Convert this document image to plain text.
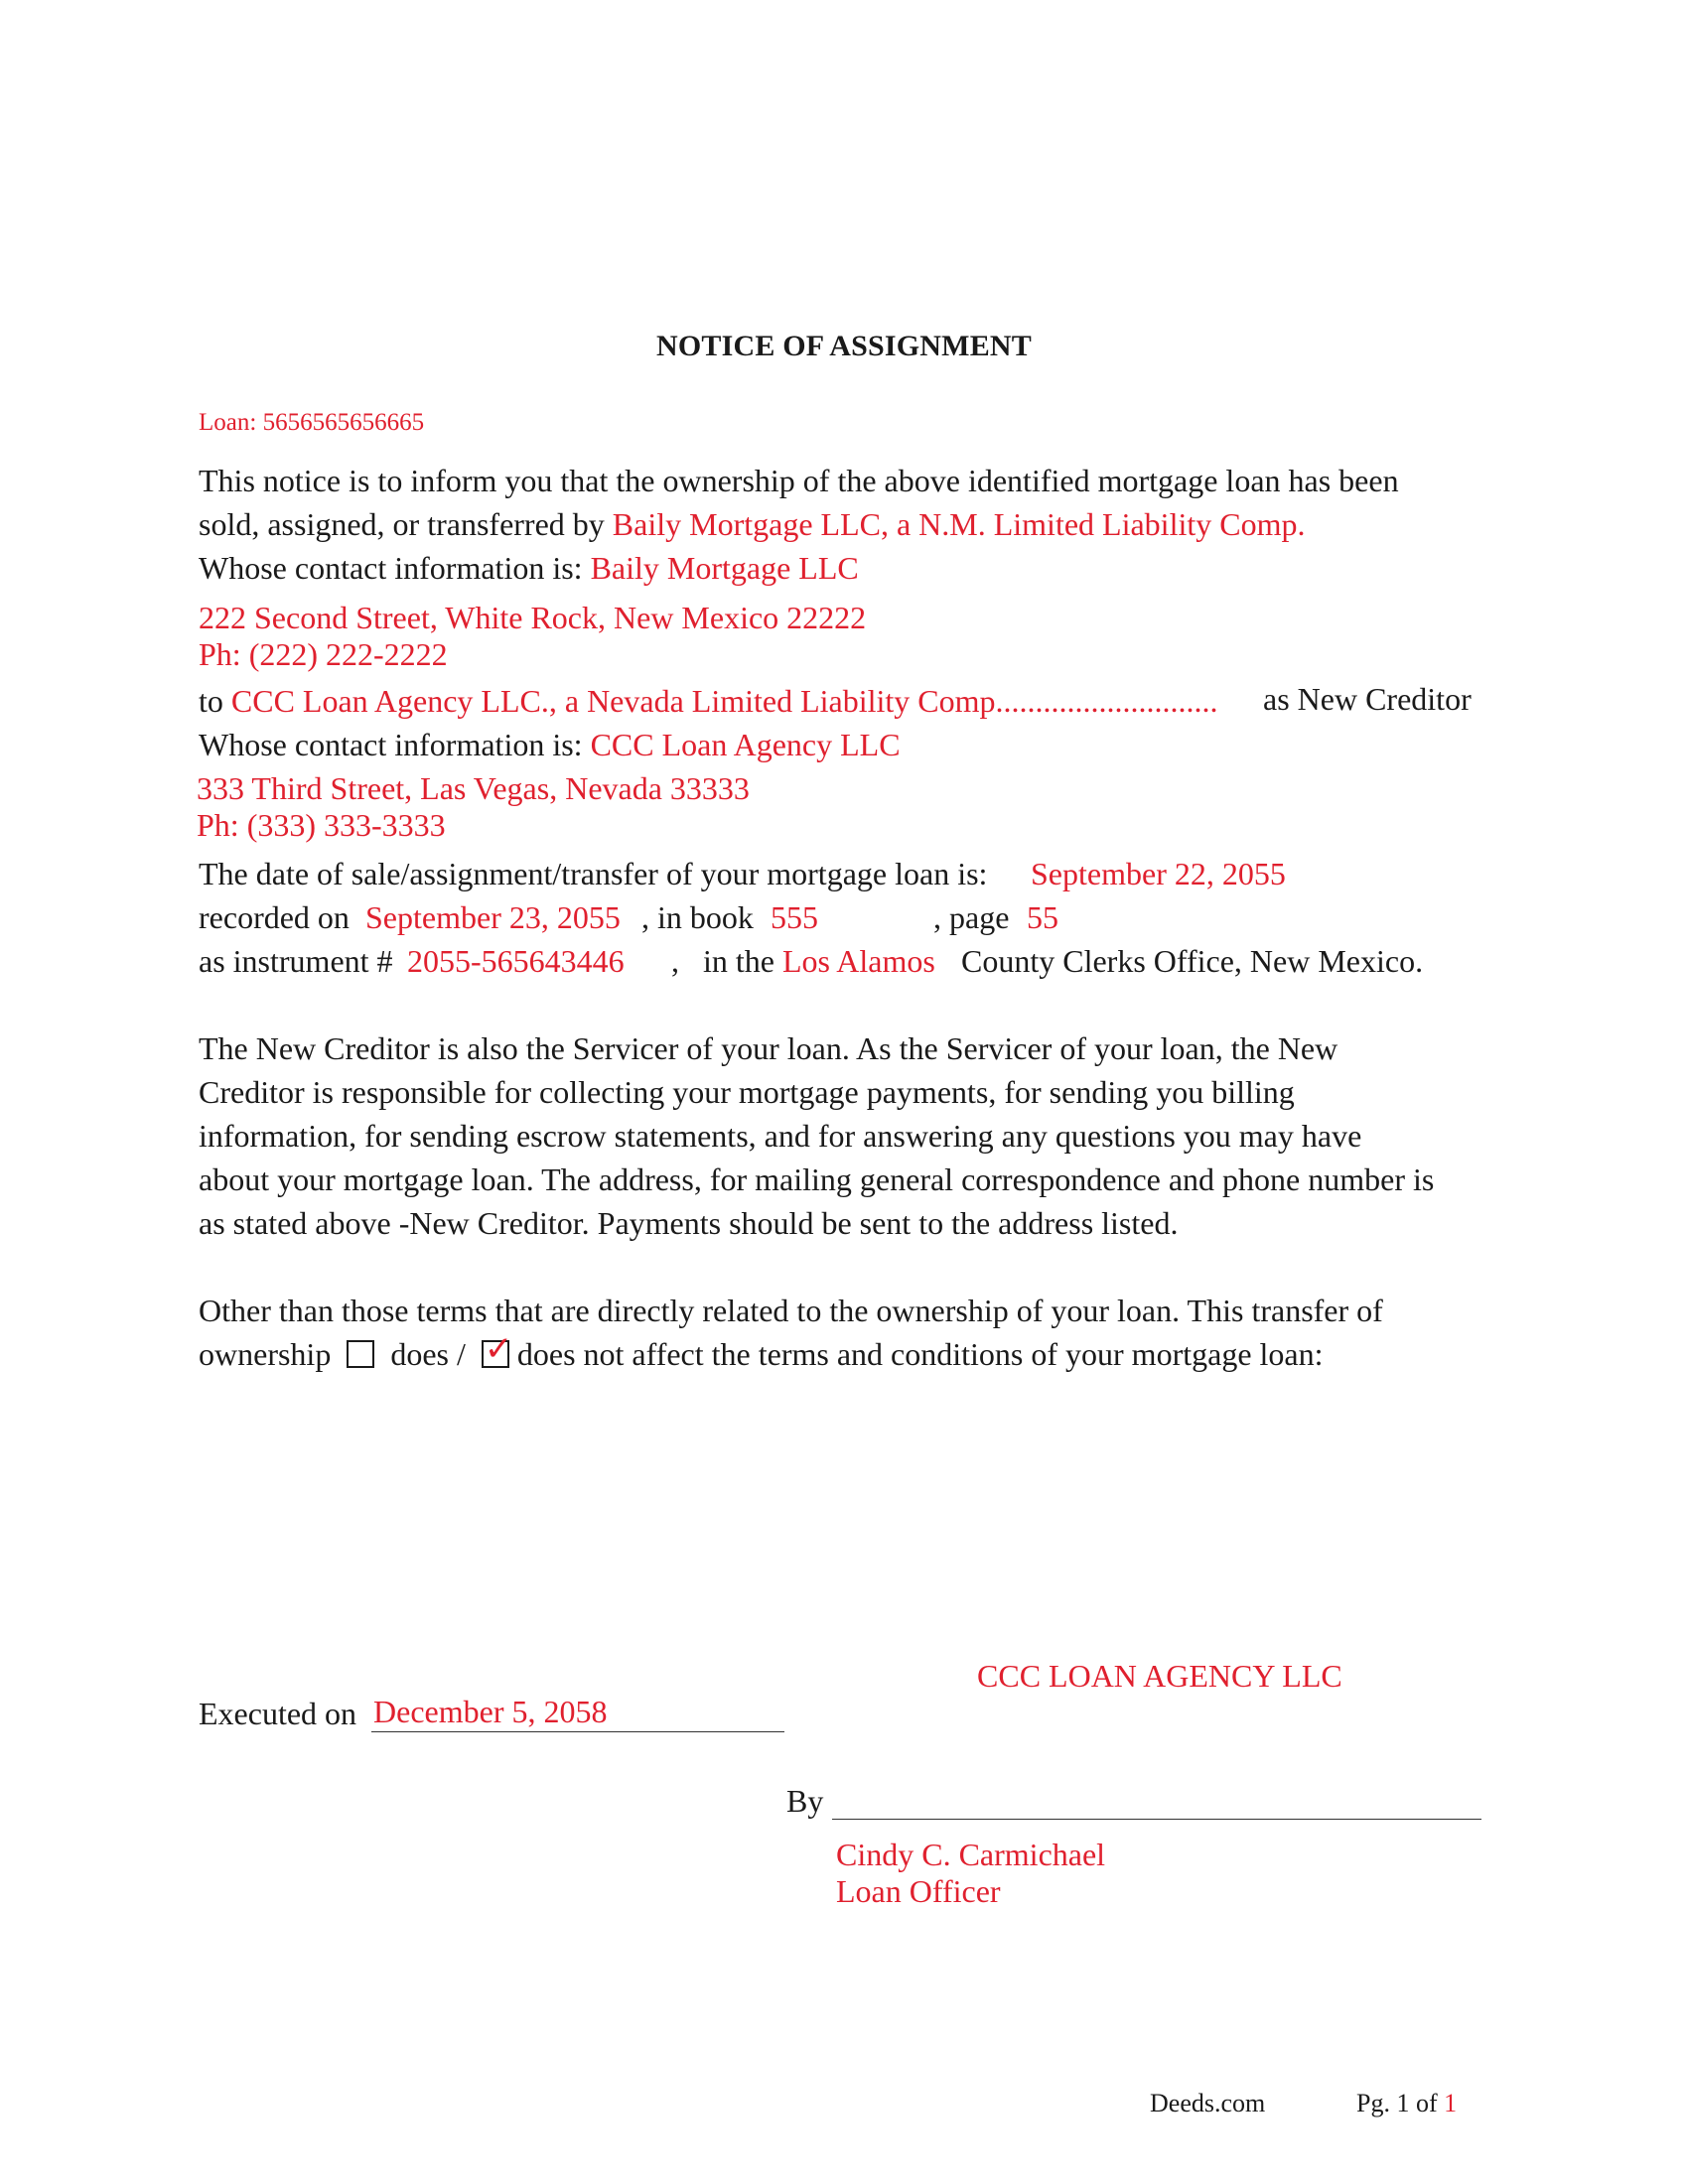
NOTICE OF ASSIGNMENT
Loan: 5656565656665
This notice is to inform you that the ownership of the above identified mortgage loan has been
sold, assigned, or transferred by Baily Mortgage LLC, a N.M. Limited Liability Comp.
Whose contact information is: Baily Mortgage LLC
222 Second Street, White Rock, New Mexico 22222
Ph: (222) 222-2222
to CCC Loan Agency LLC., a Nevada Limited Liability Comp............................ as New Creditor
Whose contact information is: CCC Loan Agency LLC
333 Third Street, Las Vegas, Nevada 33333
Ph: (333) 333-3333
The date of sale/assignment/transfer of your mortgage loan is: September 22, 2055
recorded on September 23, 2055 , in book 555	, page 55
as instrument # 2055-565643446 ,   in the Los Alamos County Clerks Office, New Mexico.
The New Creditor is also the Servicer of your loan. As the Servicer of your loan, the New
Creditor is responsible for collecting your mortgage payments, for sending you billing
information, for sending escrow statements, and for answering any questions you may have
about your mortgage loan. The address, for mailing general correspondence and phone number is
as stated above -New Creditor. Payments should be sent to the address listed.
Other than those terms that are directly related to the ownership of your loan. This transfer of
ownership does / ✓ does not affect the terms and conditions of your mortgage loan:
CCC LOAN AGENCY LLC
Executed on December 5, 2058
By
Cindy C. Carmichael
Loan Officer
Deeds.com	Pg. 1 of 1
